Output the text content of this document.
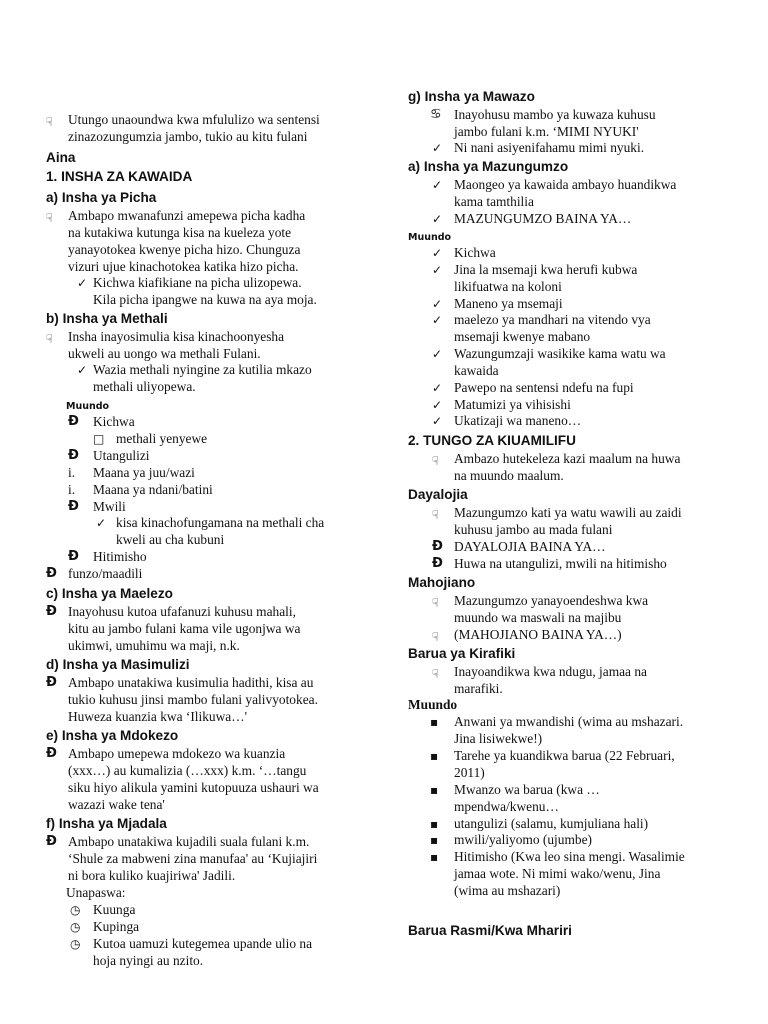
☝
Utungo unaoundwa kwa mfululizo wa sentensi
zinazozungumzia jambo, tukio au kitu fulani
Aina
1. INSHA ZA KAWAIDA
a) Insha ya Picha
☝
Ambapo mwanafunzi amepewa picha kadha
na kutakiwa kutunga kisa na kueleza yote
yanayotokea kwenye picha hizo. Chunguza
vizuri ujue kinachotokea katika hizo picha.
✓
Kichwa kiafikiane na picha ulizopewa.
Kila picha ipangwe na kuwa na aya moja.
b) Insha ya Methali
☝
Insha inayosimulia kisa kinachoonyesha
ukweli au uongo wa methali Fulani.
✓
Wazia methali nyingine za kutilia mkazo
methali uliyopewa.
Muundo
Ɖ
Kichwa
□
methali yenyewe
Ɖ
Utangulizi
i. Maana ya juu/wazi
i. Maana ya ndani/batini
Ɖ
Mwili
✓
kisa kinachofungamana na methali cha
kweli au cha kubuni
Ɖ
Hitimisho
Ɖ
funzo/maadili
c) Insha ya Maelezo
Ɖ
Inayohusu kutoa ufafanuzi kuhusu mahali,
kitu au jambo fulani kama vile ugonjwa wa
ukimwi, umuhimu wa maji, n.k.
d) Insha ya Masimulizi
Ɖ
Ambapo unatakiwa kusimulia hadithi, kisa au
tukio kuhusu jinsi mambo fulani yalivyotokea.
Huweza kuanzia kwa ‘Ilikuwa…'
e) Insha ya Mdokezo
Ɖ
Ambapo umepewa mdokezo wa kuanzia
(xxx…) au kumalizia (…xxx) k.m. ‘…tangu
siku hiyo alikula yamini kutopuuza ushauri wa
wazazi wake tena'
f) Insha ya Mjadala
Ɖ
Ambapo unatakiwa kujadili suala fulani k.m.
‘Shule za mabweni zina manufaa' au ‘Kujiajiri
ni bora kuliko kuajiriwa' Jadili.
Unapaswa:
◷
Kuunga
◷
Kupinga
◷
Kutoa uamuzi kutegemea upande ulio na
hoja nyingi au nzito.
g) Insha ya Mawazo
♋
Inayohusu mambo ya kuwaza kuhusu
jambo fulani k.m. ‘MIMI NYUKI'
✓
Ni nani asiyenifahamu mimi nyuki.
a) Insha ya Mazungumzo
✓
Maongeo ya kawaida ambayo huandikwa
kama tamthilia
✓
MAZUNGUMZO BAINA YA…
Muundo
✓
Kichwa
✓
Jina la msemaji kwa herufi kubwa
likifuatwa na koloni
✓
Maneno ya msemaji
✓
maelezo ya mandhari na vitendo vya
msemaji kwenye mabano
✓
Wazungumzaji wasikike kama watu wa
kawaida
✓
Pawepo na sentensi ndefu na fupi
✓
Matumizi ya vihisishi
✓
Ukatizaji wa maneno…
2. TUNGO ZA KIUAMILIFU
☝
Ambazo hutekeleza kazi maalum na huwa
na muundo maalum.
Dayalojia
☝
Mazungumzo kati ya watu wawili au zaidi
kuhusu jambo au mada fulani
Ɖ
DAYALOJIA BAINA YA…
Ɖ
Huwa na utangulizi, mwili na hitimisho
Mahojiano
☝
Mazungumzo yanayoendeshwa kwa
muundo wa maswali na majibu
☝
(MAHOJIANO BAINA YA…)
Barua ya Kirafiki
☝
Inayoandikwa kwa ndugu, jamaa na
marafiki.
Muundo
▪
Anwani ya mwandishi (wima au mshazari.
Jina lisiwekwe!)
▪
Tarehe ya kuandikwa barua (22 Februari,
2011)
▪
Mwanzo wa barua (kwa …
mpendwa/kwenu…
▪
utangulizi (salamu, kumjuliana hali)
▪
mwili/yaliyomo (ujumbe)
▪
Hitimisho (Kwa leo sina mengi. Wasalimie
jamaa wote. Ni mimi wako/wenu, Jina
(wima au mshazari)
Barua Rasmi/Kwa Mhariri
